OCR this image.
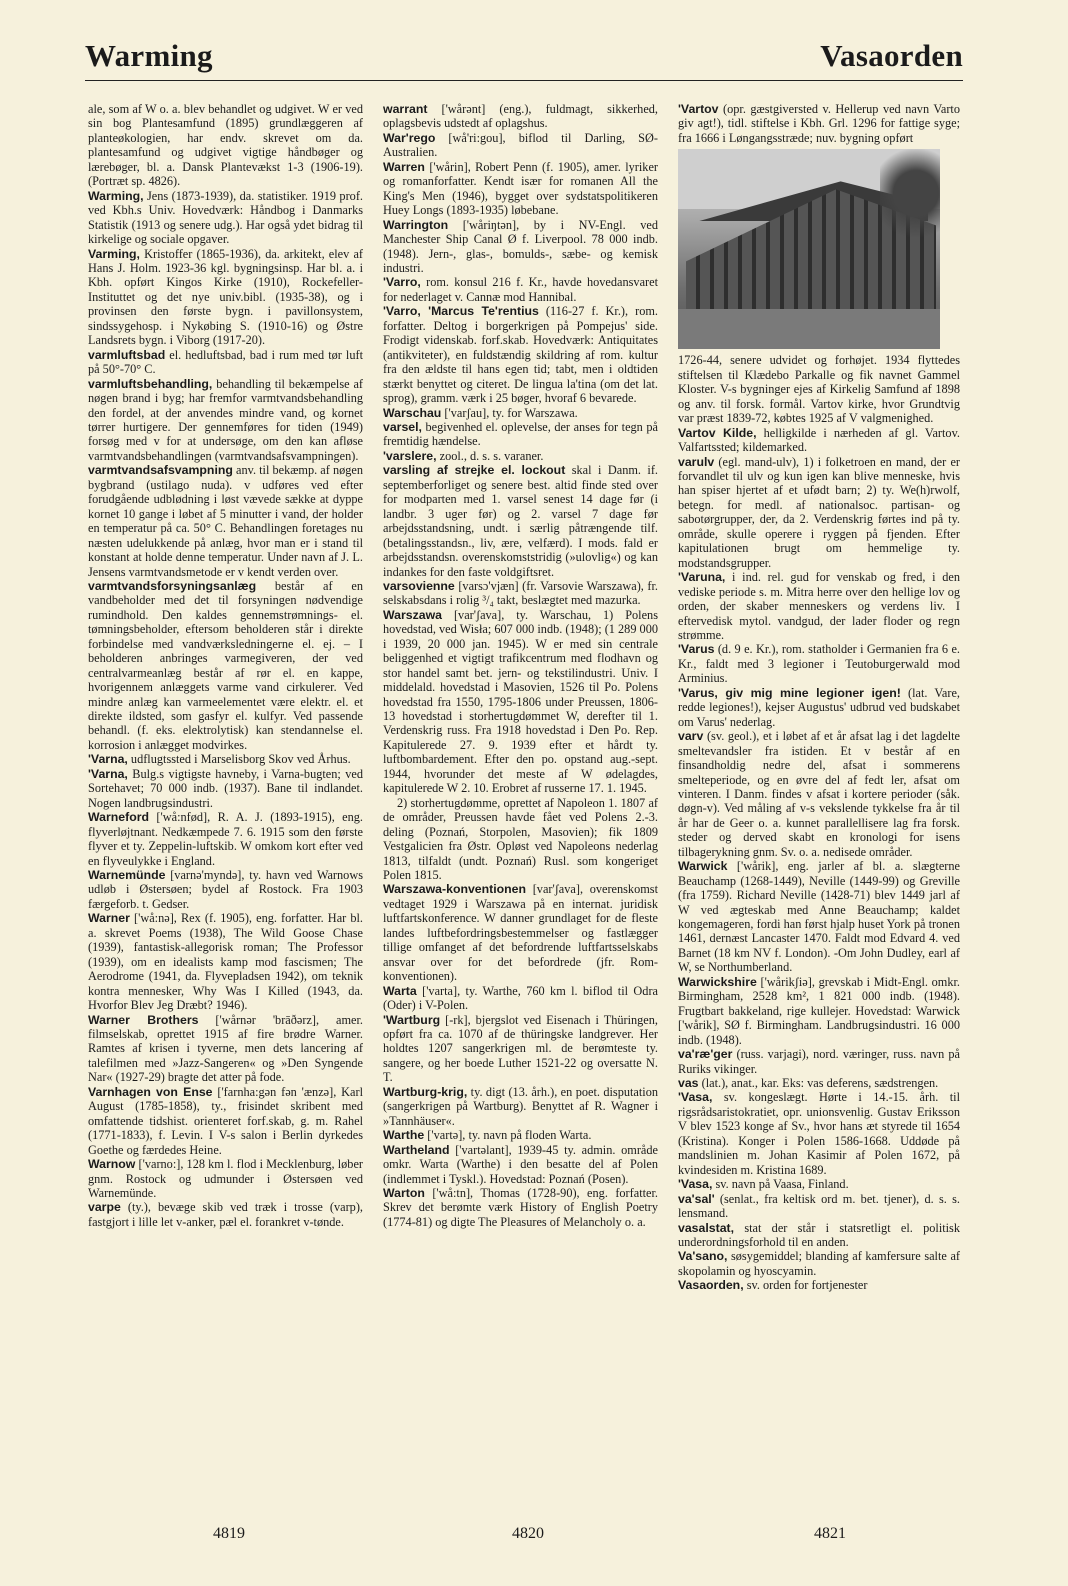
Warming	Vasaorden

ale, som af W o. a. blev behandlet og udgivet. W er ved sin bog Plantesamfund (1895) grundlæggeren af planteøkologien, har endv. skrevet om da. plantesamfund og udgivet vigtige håndbøger og lærebøger, bl. a. Dansk Plantevækst 1-3 (1906-19). (Portræt sp. 4826).

Warming, Jens (1873-1939), da. statistiker. 1919 prof. ved Kbh.s Univ. Hovedværk: Håndbog i Danmarks Statistik (1913 og senere udg.). Har også ydet bidrag til kirkelige og sociale opgaver.

Varming, Kristoffer (1865-1936), da. arkitekt, elev af Hans J. Holm. 1923-36 kgl. bygningsinsp. Har bl. a. i Kbh. opført Kingos Kirke (1910), Rockefeller-Instituttet og det nye univ.bibl. (1935-38), og i provinsen den første bygn. i pavillonsystem, sindssygehosp. i Nykøbing S. (1910-16) og Østre Landsrets bygn. i Viborg (1917-20).

varmluftsbad el. hedluftsbad, bad i rum med tør luft på 50°-70° C.

varmluftsbehandling, behandling til bekæmpelse af nøgen brand i byg; har fremfor varmtvandsbehandling den fordel, at der anvendes mindre vand, og kornet tørrer hurtigere. Der gennemføres for tiden (1949) forsøg med v for at undersøge, om den kan afløse varmtvandsbehandlingen (varmtvandsafsvampningen).

varmtvandsafsvampning anv. til bekæmp. af nøgen bygbrand (ustilago nuda). v udføres ved efter forudgående udblødning i løst vævede sække at dyppe kornet 10 gange i løbet af 5 minutter i vand, der holder en temperatur på ca. 50° C. Behandlingen foretages nu næsten udelukkende på anlæg, hvor man er i stand til konstant at holde denne temperatur. Under navn af J. L. Jensens varmtvandsmetode er v kendt verden over.

varmtvandsforsyningsanlæg består af en vandbeholder med det til forsyningen nødvendige rumindhold. Den kaldes gennemstrømnings- el. tømningsbeholder, eftersom beholderen står i direkte forbindelse med vandværksledningerne el. ej. – I beholderen anbringes varmegiveren, der ved centralvarmeanlæg består af rør el. en kappe, hvorigennem anlæggets varme vand cirkulerer. Ved mindre anlæg kan varmeelementet være elektr. el. et direkte ildsted, som gasfyr el. kulfyr. Ved passende behandl. (f. eks. elektrolytisk) kan stendannelse el. korrosion i anlægget modvirkes.

'Varna, udflugtssted i Marselisborg Skov ved Århus.

'Varna, Bulg.s vigtigste havneby, i Varna-bugten; ved Sortehavet; 70 000 indb. (1937). Bane til indlandet. Nogen landbrugsindustri.

Warneford ['wå:nfød], R. A. J. (1893-1915), eng. flyverløjtnant. Nedkæmpede 7. 6. 1915 som den første flyver et ty. Zeppelin-luftskib. W omkom kort efter ved en flyveulykke i England.

Warnemünde [varnə'myndə], ty. havn ved Warnows udløb i Østersøen; bydel af Rostock. Fra 1903 færgeforb. t. Gedser.

Warner ['wå:nə], Rex (f. 1905), eng. forfatter. Har bl. a. skrevet Poems (1938), The Wild Goose Chase (1939), fantastisk-allegorisk roman; The Professor (1939), om en idealists kamp mod fascismen; The Aerodrome (1941, da. Flyvepladsen 1942), om teknik kontra mennesker, Why Was I Killed (1943, da. Hvorfor Blev Jeg Dræbt? 1946).

Warner Brothers ['wårnər 'brāðərz], amer. filmselskab, oprettet 1915 af fire brødre Warner. Ramtes af krisen i tyverne, men dets lancering af talefilmen med »Jazz-Sangeren« og »Den Syngende Nar« (1927-29) bragte det atter på fode.

Varnhagen von Ense ['farnha:gən fən 'ænzə], Karl August (1785-1858), ty., frisindet skribent med omfattende tidshist. orienteret forf.skab, g. m. Rahel (1771-1833), f. Levin. I V-s salon i Berlin dyrkedes Goethe og færdedes Heine.

Warnow ['varno:], 128 km l. flod i Mecklenburg, løber gnm. Rostock og udmunder i Østersøen ved Warnemünde.

varpe (ty.), bevæge skib ved træk i trosse (varp), fastgjort i lille let v-anker, pæl el. forankret v-tønde.

warrant ['wårənt] (eng.), fuldmagt, sikkerhed, oplagsbevis udstedt af oplagshus.

War'rego [wå'ri:gou], biflod til Darling, SØ-Australien.

Warren ['wårin], Robert Penn (f. 1905), amer. lyriker og romanforfatter. Kendt især for romanen All the King's Men (1946), bygget over sydstatspolitikeren Huey Longs (1893-1935) løbebane.

Warrington ['wåriŋtən], by i NV-Engl. ved Manchester Ship Canal Ø f. Liverpool. 78 000 indb. (1948). Jern-, glas-, bomulds-, sæbe- og kemisk industri.

'Varro, rom. konsul 216 f. Kr., havde hovedansvaret for nederlaget v. Cannæ mod Hannibal.

'Varro, 'Marcus Te'rentius (116-27 f. Kr.), rom. forfatter. Deltog i borgerkrigen på Pompejus' side. Frodigt videnskab. forf.skab. Hovedværk: Antiquitates (antikviteter), en fuldstændig skildring af rom. kultur fra den ældste til hans egen tid; tabt, men i oldtiden stærkt benyttet og citeret. De lingua la'tina (om det lat. sprog), gramm. værk i 25 bøger, hvoraf 6 bevarede.

Warschau ['varʃau], ty. for Warszawa.

varsel, begivenhed el. oplevelse, der anses for tegn på fremtidig hændelse.

'varslere, zool., d. s. s. varaner.

varsling af strejke el. lockout skal i Danm. if. septemberforliget og senere best. altid finde sted over for modparten med 1. varsel senest 14 dage før (i landbr. 3 uger før) og 2. varsel 7 dage før arbejdsstandsning, undt. i særlig påtrængende tilf. (betalingsstandsn., liv, ære, velfærd). I mods. fald er arbejdsstandsn. overenskomststridig (»ulovlig«) og kan indankes for den faste voldgiftsret.

varsovienne [varsɔ'vjæn] (fr. Varsovie Warszawa), fr. selskabsdans i rolig ³/₄ takt, beslægtet med mazurka.

Warszawa [var'ʃava], ty. Warschau, 1) Polens hovedstad, ved Wisła; 607 000 indb. (1948); (1 289 000 i 1939, 20 000 jan. 1945). W er med sin centrale beliggenhed et vigtigt trafikcentrum med flodhavn og stor handel samt bet. jern- og tekstilindustri. Univ. I middelald. hovedstad i Masovien, 1526 til Po. Polens hovedstad fra 1550, 1795-1806 under Preussen, 1806-13 hovedstad i storhertugdømmet W, derefter til 1. Verdenskrig russ. Fra 1918 hovedstad i Den Po. Rep. Kapitulerede 27. 9. 1939 efter et hårdt ty. luftbombardement. Efter den po. opstand aug.-sept. 1944, hvorunder det meste af W ødelagdes, kapitulerede W 2. 10. Erobret af russerne 17. 1. 1945.

2) storhertugdømme, oprettet af Napoleon 1. 1807 af de områder, Preussen havde fået ved Polens 2.-3. deling (Poznań, Storpolen, Masovien); fik 1809 Vestgalicien fra Østr. Opløst ved Napoleons nederlag 1813, tilfaldt (undt. Poznań) Rusl. som kongeriget Polen 1815.

Warszawa-konventionen [var'ʃava], overenskomst vedtaget 1929 i Warszawa på en internat. juridisk luftfartskonference. W danner grundlaget for de fleste landes luftbefordringsbestemmelser og fastlægger tillige omfanget af det befordrende luftfartsselskabs ansvar over for det befordrede (jfr. Rom-konventionen).

Warta ['varta], ty. Warthe, 760 km l. biflod til Odra (Oder) i V-Polen.

'Wartburg [-rk], bjergslot ved Eisenach i Thüringen, opført fra ca. 1070 af de thüringske landgrever. Her holdtes 1207 sangerkrigen ml. de berømteste ty. sangere, og her boede Luther 1521-22 og oversatte N. T.

Wartburg-krig, ty. digt (13. årh.), en poet. disputation (sangerkrigen på Wartburg). Benyttet af R. Wagner i »Tannhäuser«.

Warthe ['vartə], ty. navn på floden Warta.

Wartheland ['vartəlant], 1939-45 ty. admin. område omkr. Warta (Warthe) i den besatte del af Polen (indlemmet i Tyskl.). Hovedstad: Poznań (Posen).

Warton ['wå:tn], Thomas (1728-90), eng. forfatter. Skrev det berømte værk History of English Poetry (1774-81) og digte The Pleasures of Melancholy o. a.

'Vartov (opr. gæstgiversted v. Hellerup ved navn Varto giv agt!), tidl. stiftelse i Kbh. Grl. 1296 for fattige syge; fra 1666 i Løngangsstræde; nuv. bygning opført

1726-44, senere udvidet og forhøjet. 1934 flyttedes stiftelsen til Klædebo Parkalle og fik navnet Gammel Kloster. V-s bygninger ejes af Kirkelig Samfund af 1898 og anv. til forsk. formål. Vartov kirke, hvor Grundtvig var præst 1839-72, købtes 1925 af V valgmenighed.

Vartov Kilde, helligkilde i nærheden af gl. Vartov. Valfartssted; kildemarked.

varulv (egl. mand-ulv), 1) i folketroen en mand, der er forvandlet til ulv og kun igen kan blive menneske, hvis han spiser hjertet af et ufødt barn; 2) ty. We(h)rwolf, betegn. for medl. af nationalsoc. partisan- og sabotørgrupper, der, da 2. Verdenskrig førtes ind på ty. område, skulle operere i ryggen på fjenden. Efter kapitulationen brugt om hemmelige ty. modstandsgrupper.

'Varuna, i ind. rel. gud for venskab og fred, i den vediske periode s. m. Mitra herre over den hellige lov og orden, der skaber menneskers og verdens liv. I eftervedisk mytol. vandgud, der lader floder og regn strømme.

'Varus (d. 9 e. Kr.), rom. statholder i Germanien fra 6 e. Kr., faldt med 3 legioner i Teutoburgerwald mod Arminius.

'Varus, giv mig mine legioner igen! (lat. Vare, redde legiones!), kejser Augustus' udbrud ved budskabet om Varus' nederlag.

varv (sv. geol.), et i løbet af et år afsat lag i det lagdelte smeltevandsler fra istiden. Et v består af en finsandholdig nedre del, afsat i sommerens smelteperiode, og en øvre del af fedt ler, afsat om vinteren. I Danm. findes v afsat i kortere perioder (såk. døgn-v). Ved måling af v-s vekslende tykkelse fra år til år har de Geer o. a. kunnet parallellisere lag fra forsk. steder og derved skabt en kronologi for isens tilbagerykning gnm. Sv. o. a. nedisede områder.

Warwick ['wårik], eng. jarler af bl. a. slægterne Beauchamp (1268-1449), Neville (1449-99) og Greville (fra 1759). Richard Neville (1428-71) blev 1449 jarl af W ved ægteskab med Anne Beauchamp; kaldet kongemageren, fordi han først hjalp huset York på tronen 1461, dernæst Lancaster 1470. Faldt mod Edvard 4. ved Barnet (18 km NV f. London). -Om John Dudley, earl af W, se Northumberland.

Warwickshire ['wårikʃiə], grevskab i Midt-Engl. omkr. Birmingham, 2528 km², 1 821 000 indb. (1948). Frugtbart bakkeland, rige kullejer. Hovedstad: Warwick ['wårik], SØ f. Birmingham. Landbrugsindustri. 16 000 indb. (1948).

va'ræ'ger (russ. varjagi), nord. væringer, russ. navn på Ruriks vikinger.

vas (lat.), anat., kar. Eks: vas deferens, sædstrengen.

'Vasa, sv. kongeslægt. Hørte i 14.-15. årh. til rigsrådsaristokratiet, opr. unionsvenlig. Gustav Eriksson V blev 1523 konge af Sv., hvor hans æt styrede til 1654 (Kristina). Konger i Polen 1586-1668. Uddøde på mandslinien m. Johan Kasimir af Polen 1672, på kvindesiden m. Kristina 1689.

'Vasa, sv. navn på Vaasa, Finland.

va'sal' (senlat., fra keltisk ord m. bet. tjener), d. s. s. lensmand.

vasalstat, stat der står i statsretligt el. politisk underordningsforhold til en anden.

Va'sano, søsygemiddel; blanding af kamfersure salte af skopolamin og hyoscyamin.

Vasaorden, sv. orden for fortjenester

4819	4820	4821
